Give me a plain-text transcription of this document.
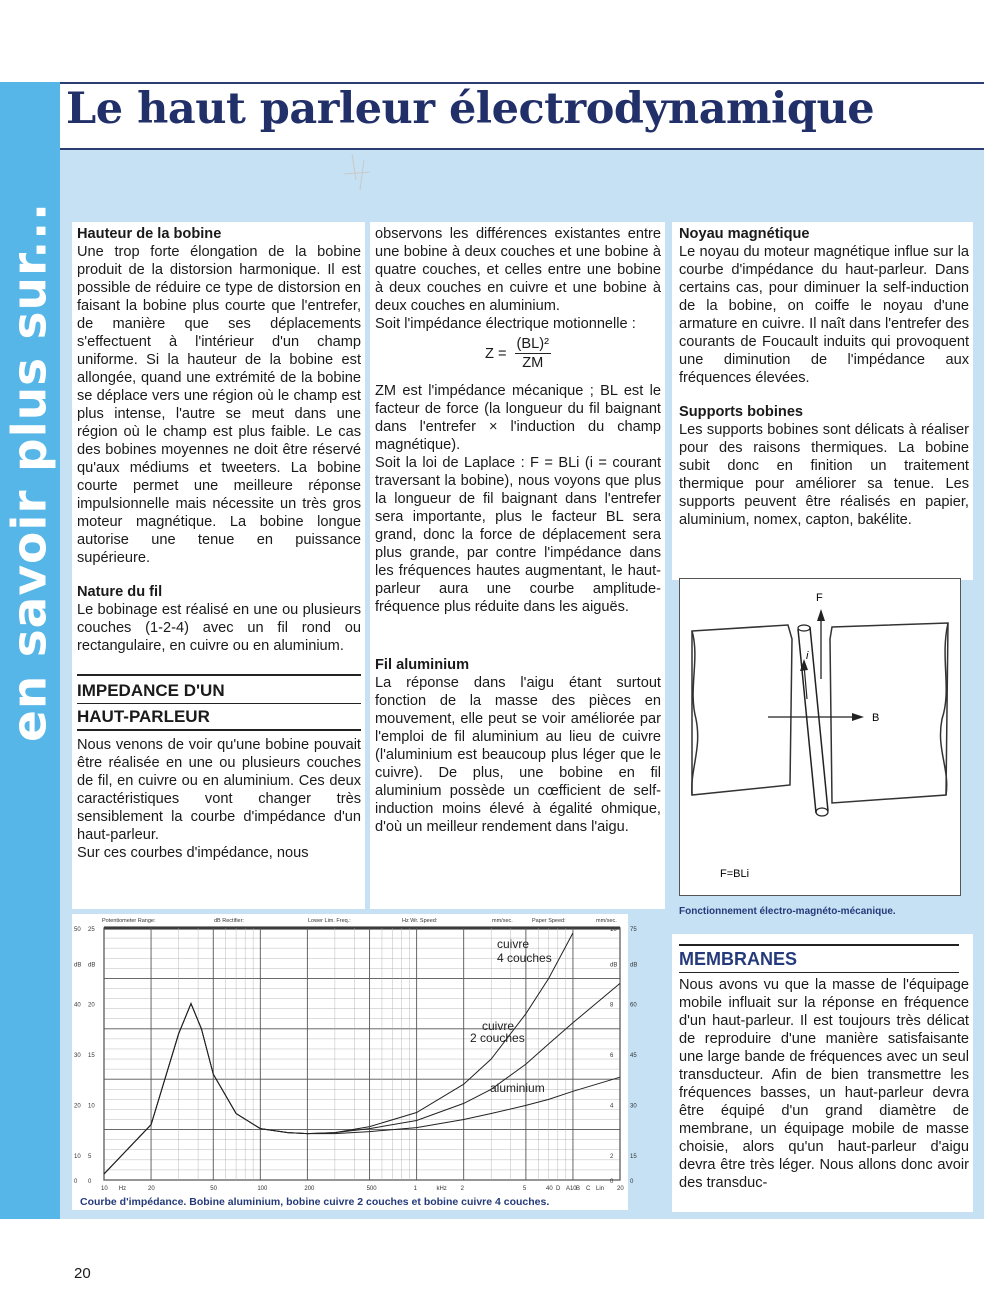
en savoir plus sur...
Le haut parleur électrodynamique

Hauteur de la bobine

Une trop forte élongation de la bobine produit de la distorsion harmonique. Il est possible de réduire ce type de distorsion en faisant la bobine plus courte que l'entrefer, de manière que ses déplacements s'effectuent à l'intérieur d'un champ uniforme. Si la hauteur de la bobine est allongée, quand une extrémité de la bobine se déplace vers une région où le champ est plus intense, l'autre se meut dans une région où le champ est plus faible. Le cas des bobines moyennes ne doit être réservé qu'aux médiums et tweeters. La bobine courte permet une meilleure réponse impulsionnelle mais nécessite un très gros moteur magnétique. La bobine longue autorise une tenue en puissance supérieure.

Nature du fil

Le bobinage est réalisé en une ou plusieurs couches (1-2-4) avec un fil rond ou rectangulaire, en cuivre ou en aluminium.

IMPEDANCE D'UN
HAUT-PARLEUR

Nous venons de voir qu'une bobine pouvait être réalisée en une ou plusieurs couches de fil, en cuivre ou en aluminium. Ces deux caractéristiques vont changer très sensiblement la courbe d'impédance d'un haut-parleur.

Sur ces courbes d'impédance, nous

observons les différences existantes entre une bobine à deux couches et une bobine à quatre couches, et celles entre une bobine à deux couches en cuivre et une bobine à deux couches en aluminium.

Soit l'impédance électrique motionnelle :

$Z = \frac{\text{(BL)²}}{ZM}$

ZM est l'impédance mécanique ; BL est le facteur de force (la longueur du fil baignant dans l'entrefer × l'induction du champ magnétique).

Soit la loi de Laplace : F = BLi (i = courant traversant la bobine), nous voyons que plus la longueur de fil baignant dans l'entrefer sera importante, plus le facteur BL sera grand, donc la force de déplacement sera plus grande, par contre l'impédance dans les fréquences hautes augmentant, le haut-parleur aura une courbe amplitude-fréquence plus réduite dans les aiguës.

Fil aluminium

La réponse dans l'aigu étant surtout fonction de la masse des pièces en mouvement, elle peut se voir améliorée par l'emploi de fil aluminium au lieu de cuivre (l'aluminium est beaucoup plus léger que le cuivre). De plus, une bobine en fil aluminium possède un cœfficient de self-induction moins élevé à égalité ohmique, d'où un meilleur rendement dans l'aigu.

Noyau magnétique

Le noyau du moteur magnétique influe sur la courbe d'impédance du haut-parleur. Dans certains cas, pour diminuer la self-induction de la bobine, on coiffe le noyau d'une armature en cuivre. Il naît dans l'entrefer des courants de Foucault induits qui provoquent une diminution de l'impédance aux fréquences élevées.

Supports bobines

Les supports bobines sont délicats à réaliser pour des raisons thermiques. La bobine subit donc en finition un traitement thermique pour améliorer sa tenue. Les supports peuvent être réalisés en papier, aluminium, nomex, capton, bakélite.

F
B
i
F=BLi
Fonctionnement électro-magnéto-mécanique.
MEMBRANES

Nous avons vu que la masse de l'équipage mobile influait sur la réponse en fréquence d'un haut-parleur. Il est toujours très délicat de reproduire d'une manière satisfaisante une large bande de fréquences avec un seul transducteur. Afin de bien transmettre les fréquences basses, un haut-parleur devra être équipé d'un grand diamètre de membrane, un équipage mobile de masse choisie, alors qu'un haut-parleur d'aigu devra être très léger. Nous allons donc avoir des transduc-

Potentiometer Range:	dB Rectifier:	Lower Lim. Freq.:	Hz Wr. Speed:	mm/sec.	Paper Speed:	mm/sec.
50 25
dB dB
40 20
30 15
20 10
10 5
0 0
10 75
dB dB
8	60
6	45
4	30
2	15
0	0
10 Hz	20	50	100	200	500	1	kHz 2	5	10	20
40 D A B C Lin
cuivre
4 couches
cuivre
2 couches
aluminium
Courbe d'impédance. Bobine aluminium, bobine cuivre 2 couches et bobine cuivre 4 couches.
20
